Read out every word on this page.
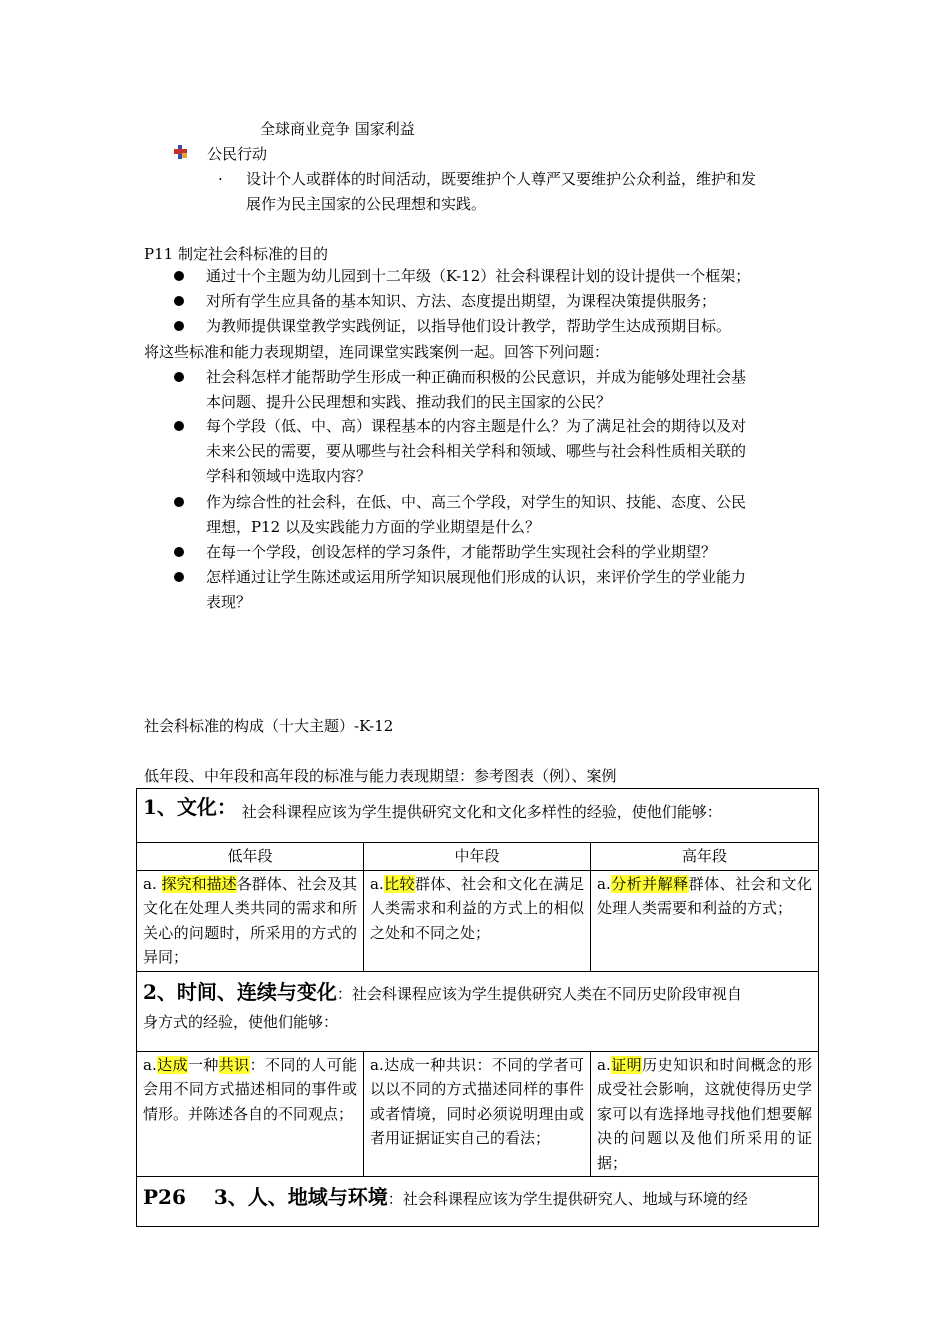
全球商业竞争 国家利益
公民行动
· 设计个人或群体的时间活动，既要维护个人尊严又要维护公众利益，维护和发
展作为民主国家的公民理想和实践。
P11 制定社会科标准的目的
通过十个主题为幼儿园到十二年级（K-12）社会科课程计划的设计提供一个框架；
对所有学生应具备的基本知识、方法、态度提出期望，为课程决策提供服务；
为教师提供课堂教学实践例证，以指导他们设计教学，帮助学生达成预期目标。
将这些标准和能力表现期望，连同课堂实践案例一起。回答下列问题：
社会科怎样才能帮助学生形成一种正确而积极的公民意识，并成为能够处理社会基
本问题、提升公民理想和实践、推动我们的民主国家的公民？
每个学段（低、中、高）课程基本的内容主题是什么？为了满足社会的期待以及对
未来公民的需要，要从哪些与社会科相关学科和领域、哪些与社会科性质相关联的
学科和领域中选取内容？
作为综合性的社会科，在低、中、高三个学段，对学生的知识、技能、态度、公民
理想，P12 以及实践能力方面的学业期望是什么？
在每一个学段，创设怎样的学习条件，才能帮助学生实现社会科的学业期望？
怎样通过让学生陈述或运用所学知识展现他们形成的认识，来评价学生的学业能力
表现？
社会科标准的构成（十大主题）-K-12
低年段、中年段和高年段的标准与能力表现期望：参考图表（例）、案例
1、文化： 社会科课程应该为学生提供研究文化和文化多样性的经验，使他们能够：		
低年段	中年段	高年段
a. 探究和描述各群体、社会及其文化在处理人类共同的需求和所关心的问题时，所采用的方式的异同；	a.比较群体、社会和文化在满足人类需求和利益的方式上的相似之处和不同之处；	a.分析并解释群体、社会和文化处理人类需要和利益的方式；
2、时间、连续与变化：社会科课程应该为学生提供研究人类在不同历史阶段审视自
身方式的经验，使他们能够：		
a.达成一种共识：不同的人可能会用不同方式描述相同的事件或情形。并陈述各自的不同观点；	a.达成一种共识：不同的学者可以以不同的方式描述同样的事件或者情境，同时必须说明理由或者用证据证实自己的看法；	a.证明历史知识和时间概念的形成受社会影响，这就使得历史学家可以有选择地寻找他们想要解决的问题以及他们所采用的证据；
P26 3、人、地域与环境：社会科课程应该为学生提供研究人、地域与环境的经		
